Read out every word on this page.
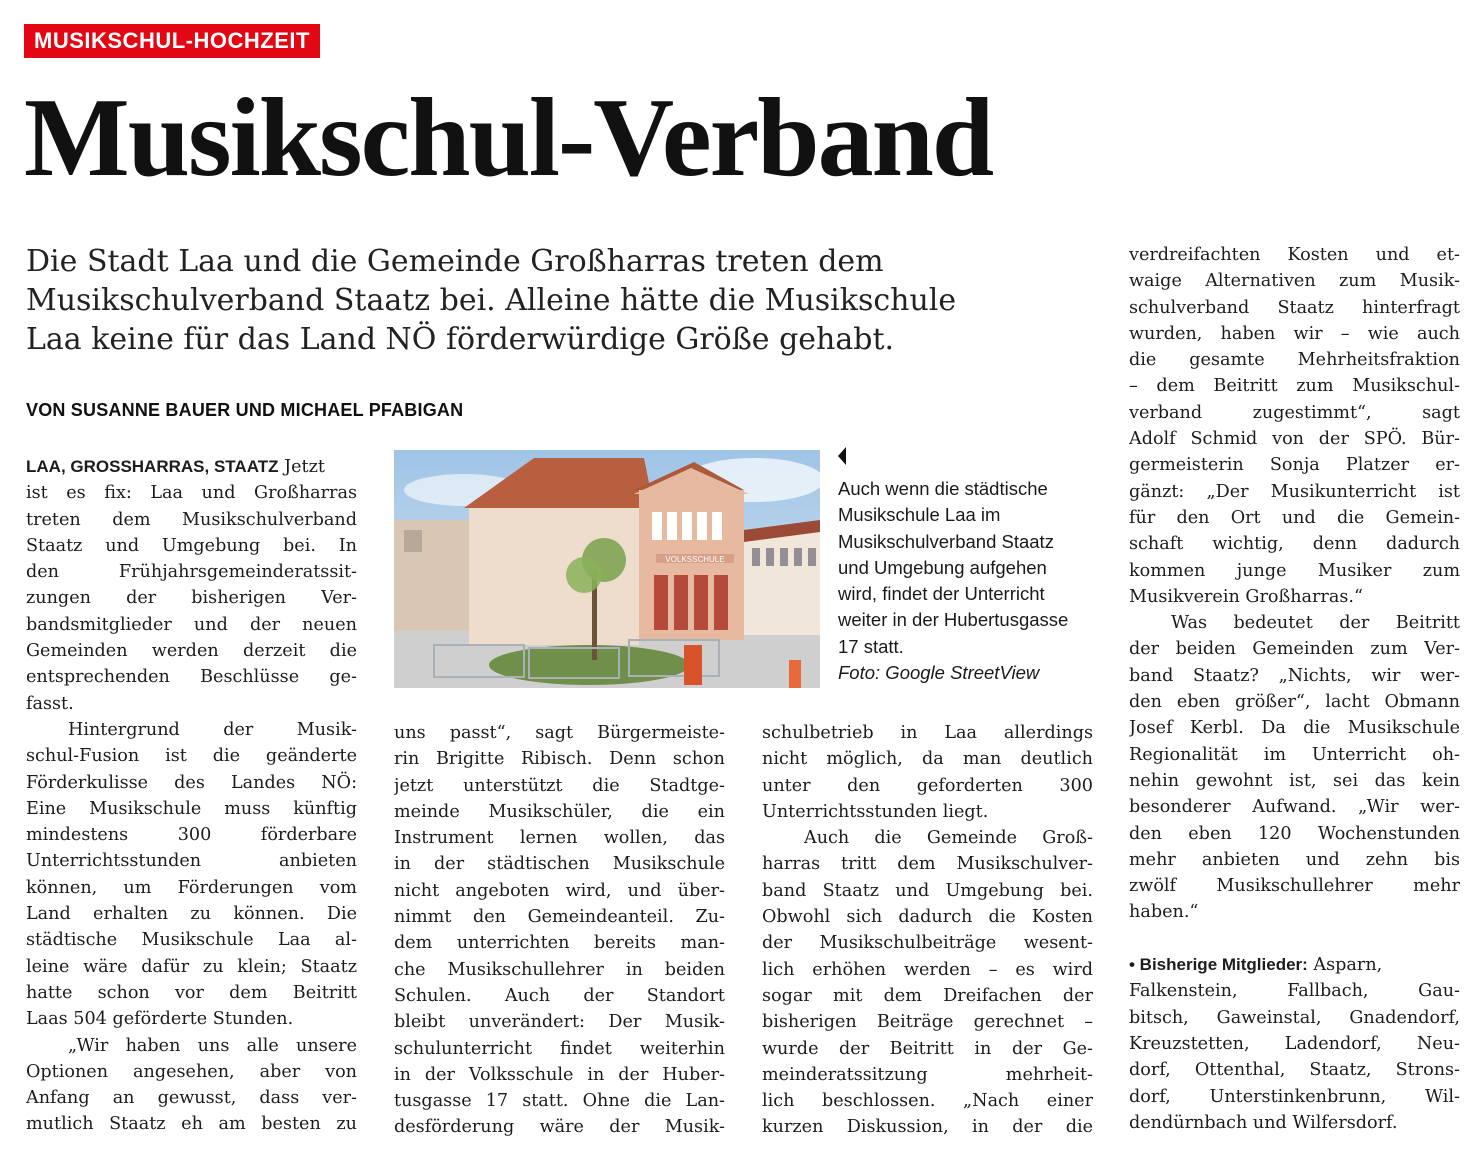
MUSIKSCHUL-HOCHZEIT
Musikschul-Verband
Die Stadt Laa und die Gemeinde Großharras treten dem
Musikschulverband Staatz bei. Alleine hätte die Musikschule
Laa keine für das Land NÖ förderwürdige Größe gehabt.
VON SUSANNE BAUER UND MICHAEL PFABIGAN
LAA, GROSSHARRAS, STAATZ Jetzt
ist es fix: Laa und Großharras
treten dem Musikschulverband
Staatz und Umgebung bei. In
den Frühjahrsgemeinderatssit-
zungen der bisherigen Ver-
bandsmitglieder und der neuen
Gemeinden werden derzeit die
entsprechenden Beschlüsse ge-
fasst.
Hintergrund der Musik-
schul-Fusion ist die geänderte
Förderkulisse des Landes NÖ:
Eine Musikschule muss künftig
mindestens 300 förderbare
Unterrichtsstunden anbieten
können, um Förderungen vom
Land erhalten zu können. Die
städtische Musikschule Laa al-
leine wäre dafür zu klein; Staatz
hatte schon vor dem Beitritt
Laas 504 geförderte Stunden.
„Wir haben uns alle unsere
Optionen angesehen, aber von
Anfang an gewusst, dass ver-
mutlich Staatz eh am besten zu
VOLKSSCHULE
Auch wenn die städtische
Musikschule Laa im
Musikschulverband Staatz
und Umgebung aufgehen
wird, findet der Unterricht
weiter in der Hubertusgasse
17 statt.
Foto: Google StreetView
uns passt“, sagt Bürgermeiste-
rin Brigitte Ribisch. Denn schon
jetzt unterstützt die Stadtge-
meinde Musikschüler, die ein
Instrument lernen wollen, das
in der städtischen Musikschule
nicht angeboten wird, und über-
nimmt den Gemeindeanteil. Zu-
dem unterrichten bereits man-
che Musikschullehrer in beiden
Schulen. Auch der Standort
bleibt unverändert: Der Musik-
schulunterricht findet weiterhin
in der Volksschule in der Huber-
tusgasse 17 statt. Ohne die Lan-
desförderung wäre der Musik-
schulbetrieb in Laa allerdings
nicht möglich, da man deutlich
unter den geforderten 300
Unterrichtsstunden liegt.
Auch die Gemeinde Groß-
harras tritt dem Musikschulver-
band Staatz und Umgebung bei.
Obwohl sich dadurch die Kosten
der Musikschulbeiträge wesent-
lich erhöhen werden – es wird
sogar mit dem Dreifachen der
bisherigen Beiträge gerechnet –
wurde der Beitritt in der Ge-
meinderatssitzung mehrheit-
lich beschlossen. „Nach einer
kurzen Diskussion, in der die
verdreifachten Kosten und et-
waige Alternativen zum Musik-
schulverband Staatz hinterfragt
wurden, haben wir – wie auch
die gesamte Mehrheitsfraktion
– dem Beitritt zum Musikschul-
verband zugestimmt“, sagt
Adolf Schmid von der SPÖ. Bür-
germeisterin Sonja Platzer er-
gänzt: „Der Musikunterricht ist
für den Ort und die Gemein-
schaft wichtig, denn dadurch
kommen junge Musiker zum
Musikverein Großharras.“
Was bedeutet der Beitritt
der beiden Gemeinden zum Ver-
band Staatz? „Nichts, wir wer-
den eben größer“, lacht Obmann
Josef Kerbl. Da die Musikschule
Regionalität im Unterricht oh-
nehin gewohnt ist, sei das kein
besonderer Aufwand. „Wir wer-
den eben 120 Wochenstunden
mehr anbieten und zehn bis
zwölf Musikschullehrer mehr
haben.“

• Bisherige Mitglieder: Asparn,
Falkenstein, Fallbach, Gau-
bitsch, Gaweinstal, Gnadendorf,
Kreuzstetten, Ladendorf, Neu-
dorf, Ottenthal, Staatz, Strons-
dorf, Unterstinkenbrunn, Wil-
dendürnbach und Wilfersdorf.
